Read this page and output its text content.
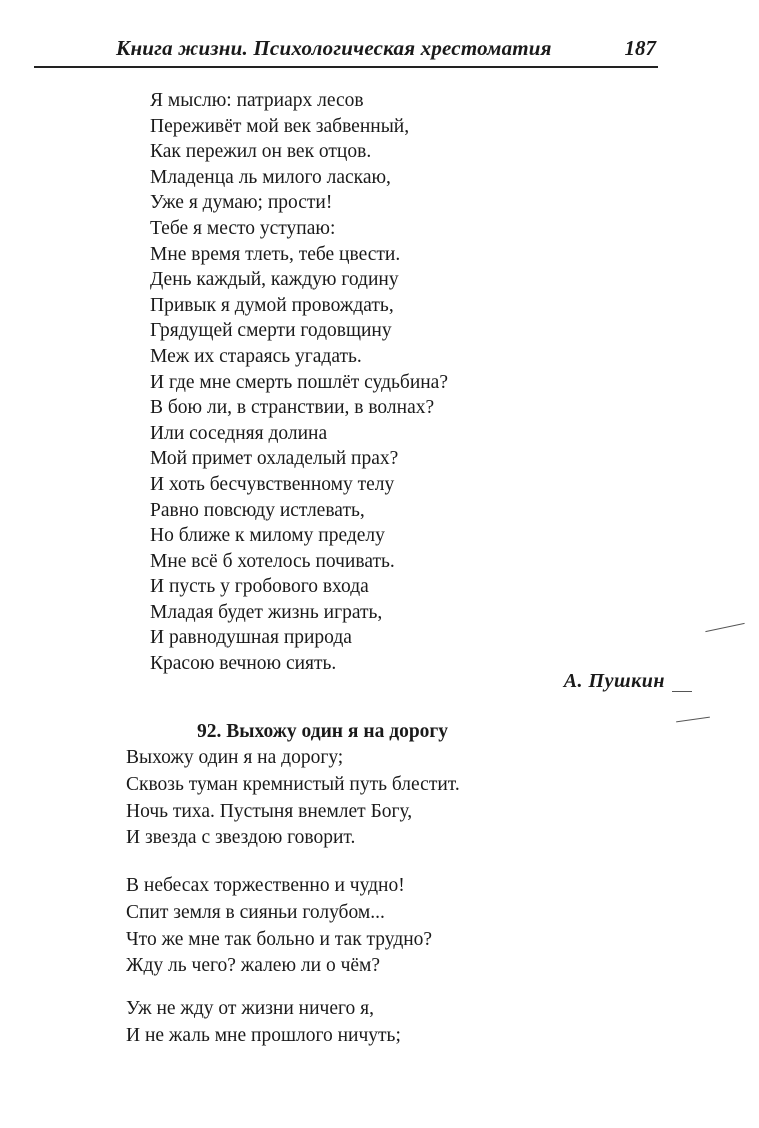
Книга жизни. Психологическая хрестоматия	187
Я мыслю: патриарх лесов
Переживёт мой век забвенный,
Как пережил он век отцов.
Младенца ль милого ласкаю,
Уже я думаю; прости!
Тебе я место уступаю:
Мне время тлеть, тебе цвести.
День каждый, каждую годину
Привык я думой провождать,
Грядущей смерти годовщину
Меж их стараясь угадать.
И где мне смерть пошлёт судьбина?
В бою ли, в странствии, в волнах?
Или соседняя долина
Мой примет охладелый прах?
И хоть бесчувственному телу
Равно повсюду истлевать,
Но ближе к милому пределу
Мне всё б хотелось почивать.
И пусть у гробового входа
Младая будет жизнь играть,
И равнодушная природа
Красою вечною сиять.
А. Пушкин
92. Выхожу один я на дорогу
Выхожу один я на дорогу;
Сквозь туман кремнистый путь блестит.
Ночь тиха. Пустыня внемлет Богу,
И звезда с звездою говорит.
В небесах торжественно и чудно!
Спит земля в сияньи голубом...
Что же мне так больно и так трудно?
Жду ль чего? жалею ли о чём?
Уж не жду от жизни ничего я,
И не жаль мне прошлого ничуть;
